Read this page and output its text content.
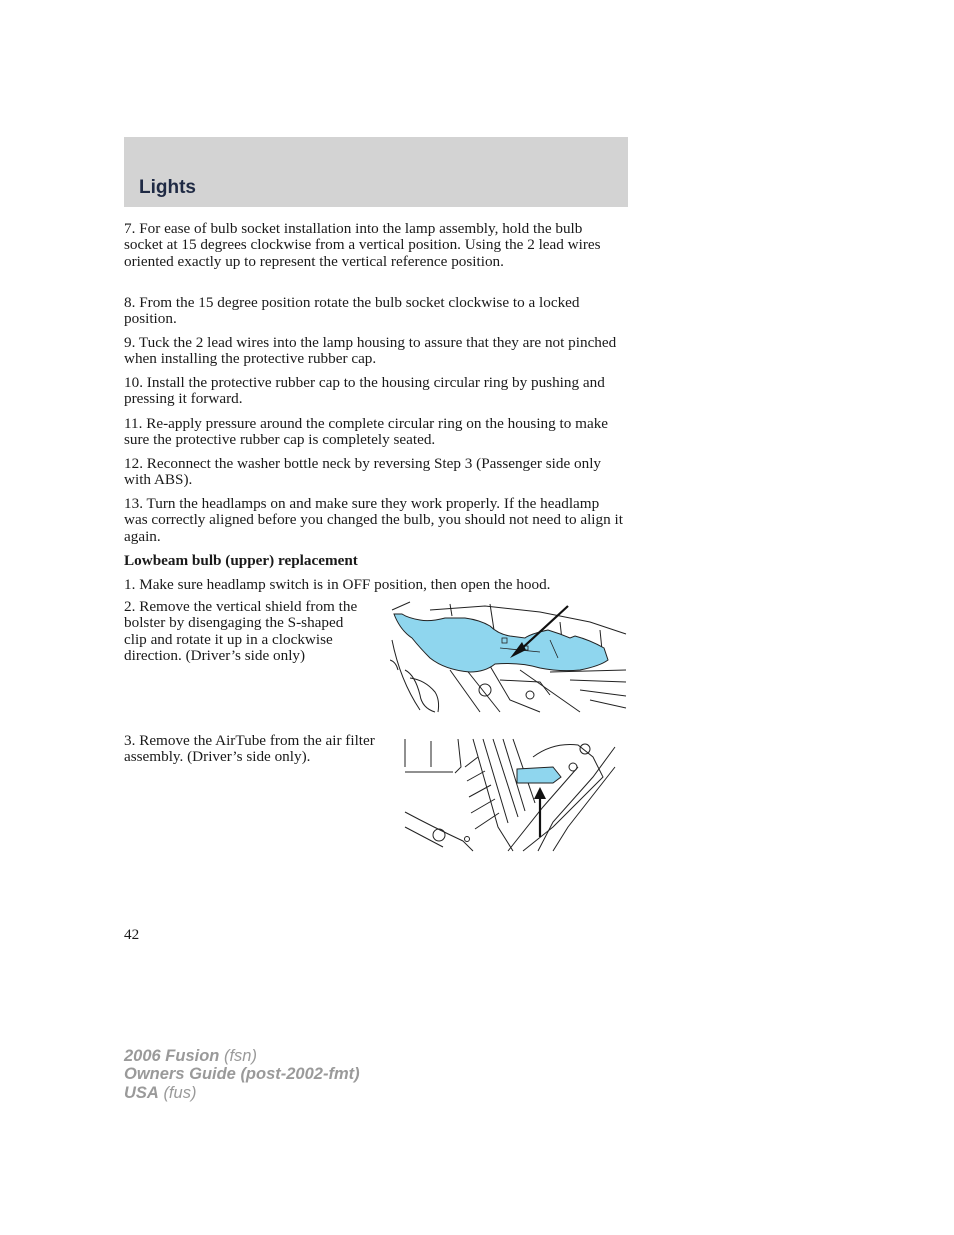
Lights

7. For ease of bulb socket installation into the lamp assembly, hold the bulb socket at 15 degrees clockwise from a vertical position. Using the 2 lead wires oriented exactly up to represent the vertical reference position.

8. From the 15 degree position rotate the bulb socket clockwise to a locked position.

9. Tuck the 2 lead wires into the lamp housing to assure that they are not pinched when installing the protective rubber cap.

10. Install the protective rubber cap to the housing circular ring by pushing and pressing it forward.

11. Re-apply pressure around the complete circular ring on the housing to make sure the protective rubber cap is completely seated.

12. Reconnect the washer bottle neck by reversing Step 3 (Passenger side only with ABS).

13. Turn the headlamps on and make sure they work properly. If the headlamp was correctly aligned before you changed the bulb, you should not need to align it again.

Lowbeam bulb (upper) replacement

1. Make sure headlamp switch is in OFF position, then open the hood.

2. Remove the vertical shield from the bolster by disengaging the S-shaped clip and rotate it up in a clockwise direction. (Driver’s side only)

3. Remove the AirTube from the air filter assembly. (Driver’s side only).

42
2006 Fusion (fsn)
Owners Guide (post-2002-fmt)
USA (fus)
